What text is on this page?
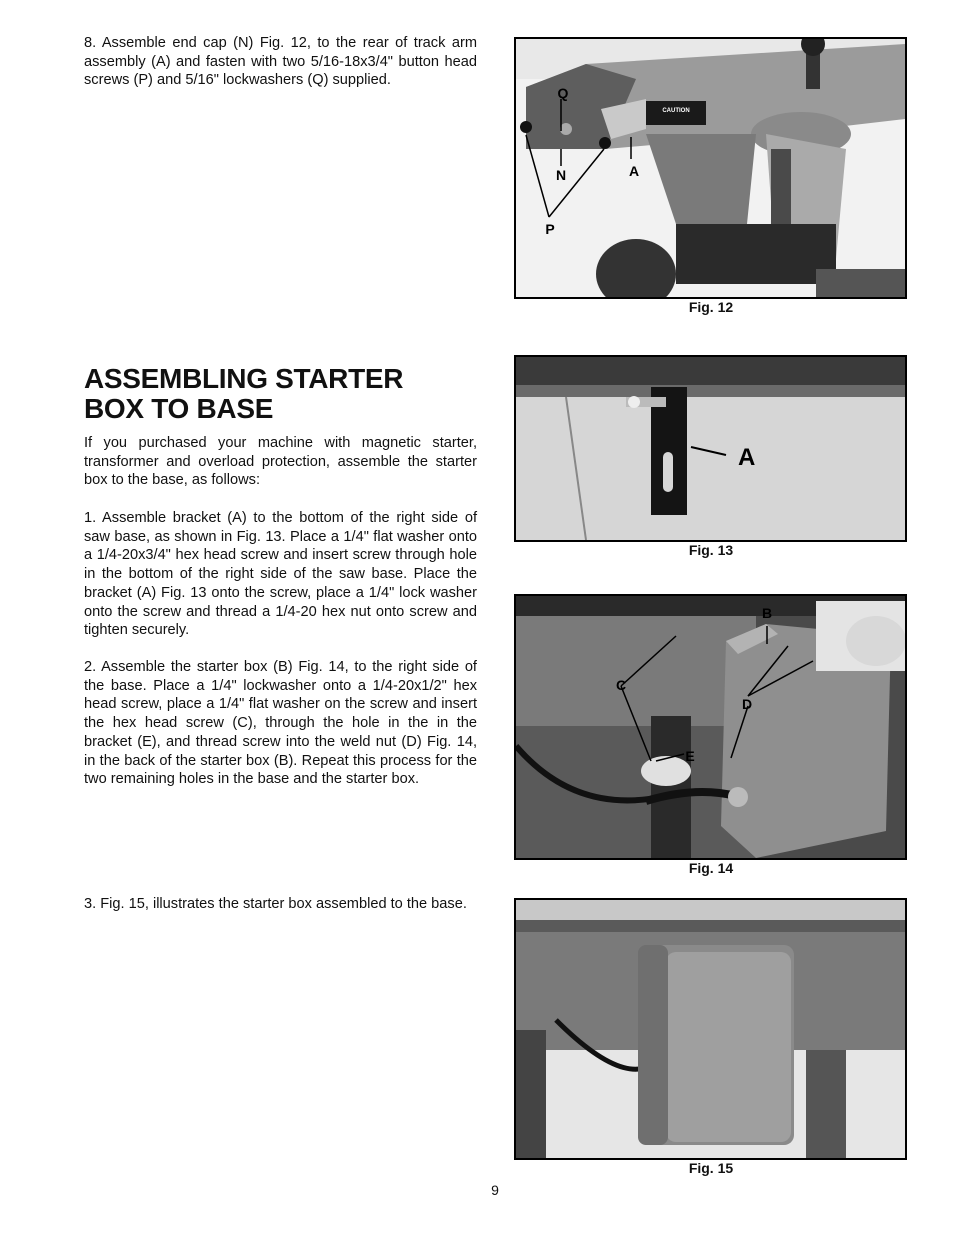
8. Assemble end cap (N) Fig. 12, to the rear of track arm assembly (A) and fasten with two 5/16-18x3/4" button head screws (P) and 5/16" lockwashers (Q) supplied.

CAUTION
Q
N	A
P
Fig. 12
ASSEMBLING STARTER
BOX TO BASE

If you purchased your machine with magnetic starter, transformer and overload protection, assemble the starter box to the base, as follows:

1. Assemble bracket (A) to the bottom of the right side of saw base, as shown in Fig. 13. Place a 1/4" flat washer onto a 1/4-20x3/4" hex head screw and insert screw through hole in the bottom of the right side of the saw base. Place the bracket (A) Fig. 13 onto the screw, place a 1/4" lock washer onto the screw and thread a 1/4-20 hex nut onto screw and tighten securely.

2. Assemble the starter box (B) Fig. 14, to the right side of the base. Place a 1/4" lockwasher onto a 1/4-20x1/2" hex head screw, place a 1/4" flat washer on the screw and insert the hex head screw (C), through the hole in the in the bracket (E), and thread screw into the weld nut (D) Fig. 14, in the back of the starter box (B). Repeat this process for the two remaining holes in the base and the starter box.

3. Fig. 15, illustrates the starter box assembled to the base.

A
Fig. 13
B
C
D
E
Fig. 14
Fig. 15
9
